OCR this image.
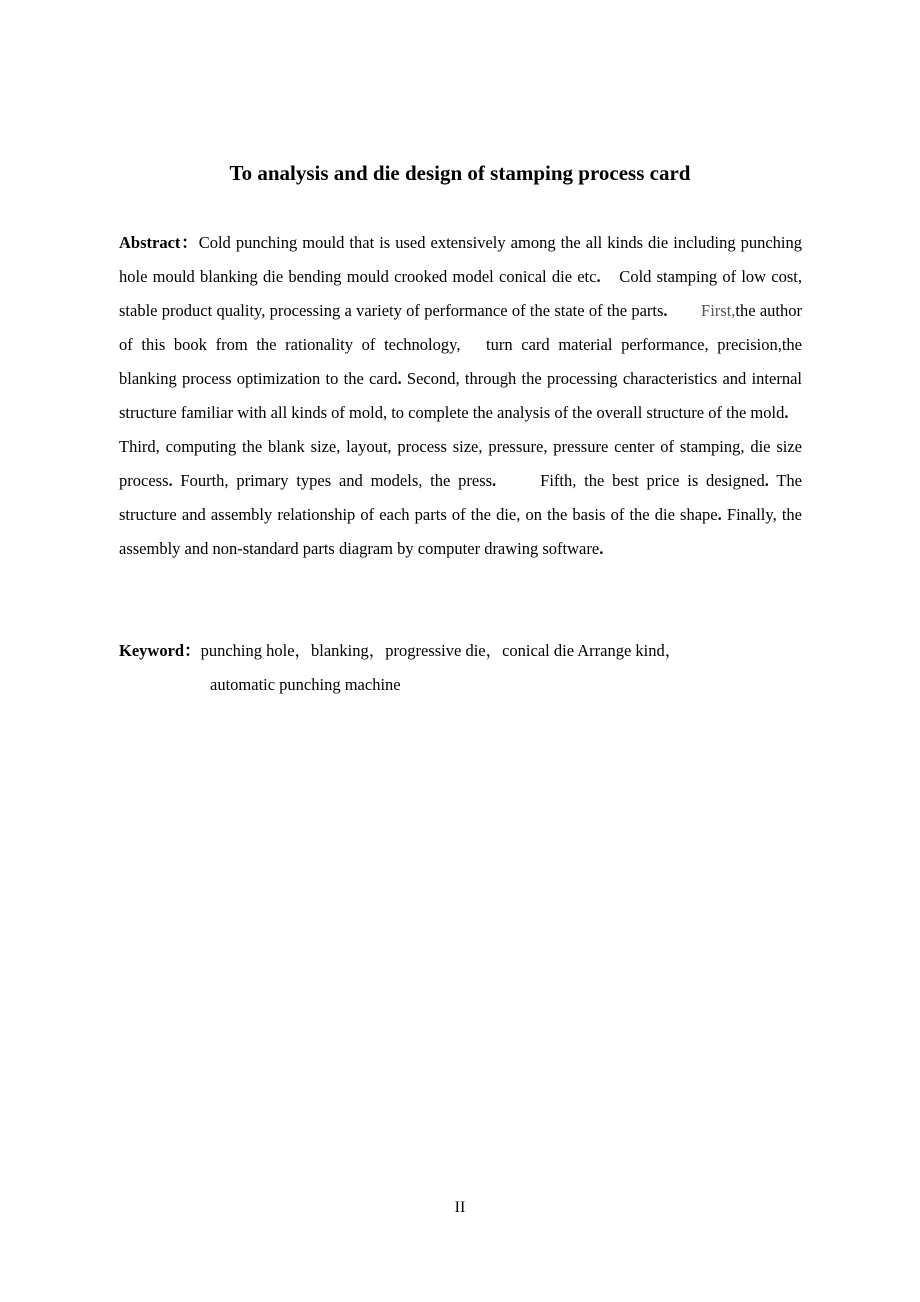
To analysis and die design of stamping process card

Abstract：Cold punching mould that is used extensively among the all kinds die including punching hole mould blanking die bending mould crooked model conical die etc.　Cold stamping of low cost, stable product quality, processing a variety of performance of the state of the parts.　　First,the author of this book from the rationality of technology,　turn card material performance, precision,the blanking process optimization to the card. Second, through the processing characteristics and internal structure familiar with all kinds of mold, to complete the analysis of the overall structure of the mold.　　Third, computing the blank size, layout, process size, pressure, pressure center of stamping, die size process. Fourth, primary types and models, the press.　　Fifth, the best price is designed. The structure and assembly relationship of each parts of the die, on the basis of the die shape. Finally, the assembly and non-standard parts diagram by computer drawing software.

Keyword：punching hole，blanking，progressive die，conical die Arrange kind，
automatic punching machine
II
